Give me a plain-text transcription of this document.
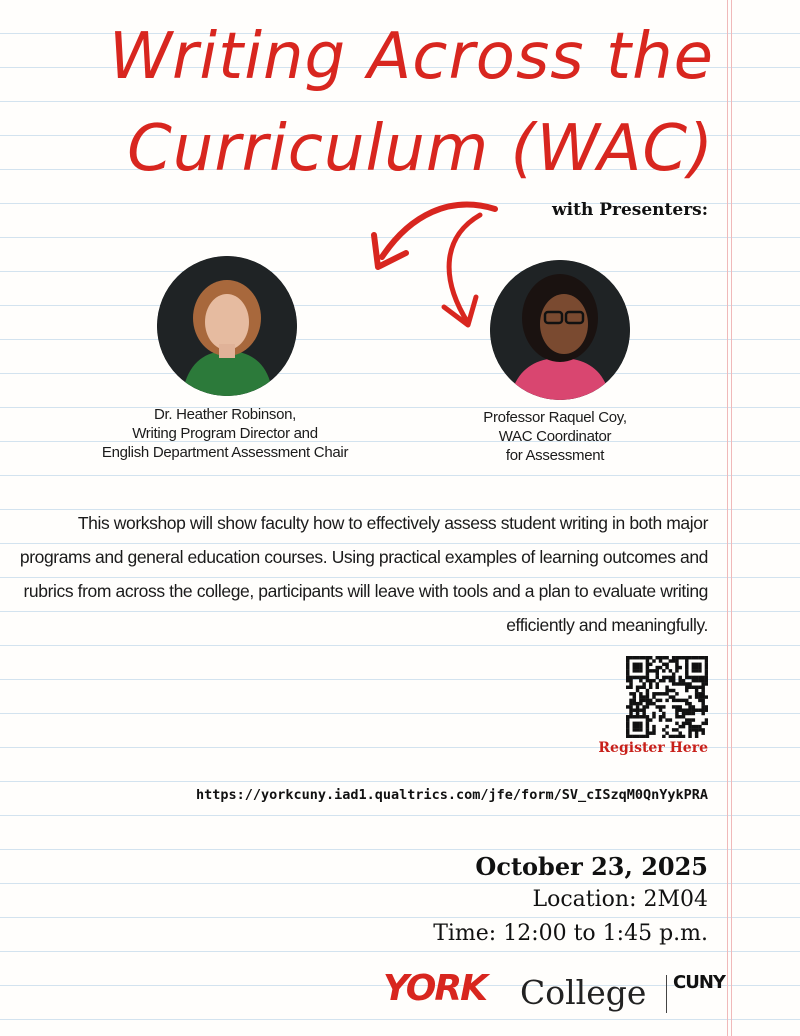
Writing Across the
Curriculum (WAC)
with Presenters:
Dr. Heather Robinson,
Writing Program Director and
English Department Assessment Chair
Professor Raquel Coy,
WAC Coordinator
for Assessment
This workshop will show faculty how to effectively assess student writing in both major programs and general education courses. Using practical examples of learning outcomes and rubrics from across the college, participants will leave with tools and a plan to evaluate writing efficiently and meaningfully.
Register Here
https://yorkcuny.iad1.qualtrics.com/jfe/form/SV_cISzqM0QnYykPRA
October 23, 2025
Location: 2M04
Time: 12:00 to 1:45 p.m.
YORK College CUNY
